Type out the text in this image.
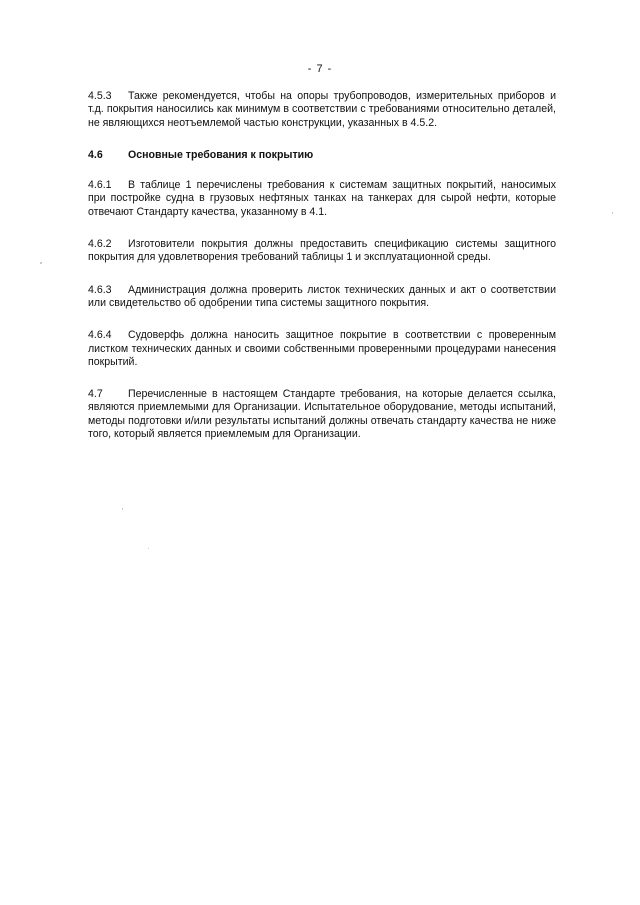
- 7 -

4.5.3 Также рекомендуется, чтобы на опоры трубопроводов, измерительных приборов и т.д. покрытия наносились как минимум в соответствии с требованиями относительно деталей, не являющихся неотъемлемой частью конструкции, указанных в 4.5.2.

4.6 Основные требования к покрытию

4.6.1 В таблице 1 перечислены требования к системам защитных покрытий, наносимых при постройке судна в грузовых нефтяных танках на танкерах для сырой нефти, которые отвечают Стандарту качества, указанному в 4.1.

4.6.2 Изготовители покрытия должны предоставить спецификацию системы защитного покрытия для удовлетворения требований таблицы 1 и эксплуатационной среды.

4.6.3 Администрация должна проверить листок технических данных и акт о соответствии или свидетельство об одобрении типа системы защитного покрытия.

4.6.4 Судоверфь должна наносить защитное покрытие в соответствии с проверенным листком технических данных и своими собственными проверенными процедурами нанесения покрытий.

4.7 Перечисленные в настоящем Стандарте требования, на которые делается ссылка, являются приемлемыми для Организации. Испытательное оборудование, методы испытаний, методы подготовки и/или результаты испытаний должны отвечать стандарту качества не ниже того, который является приемлемым для Организации.
